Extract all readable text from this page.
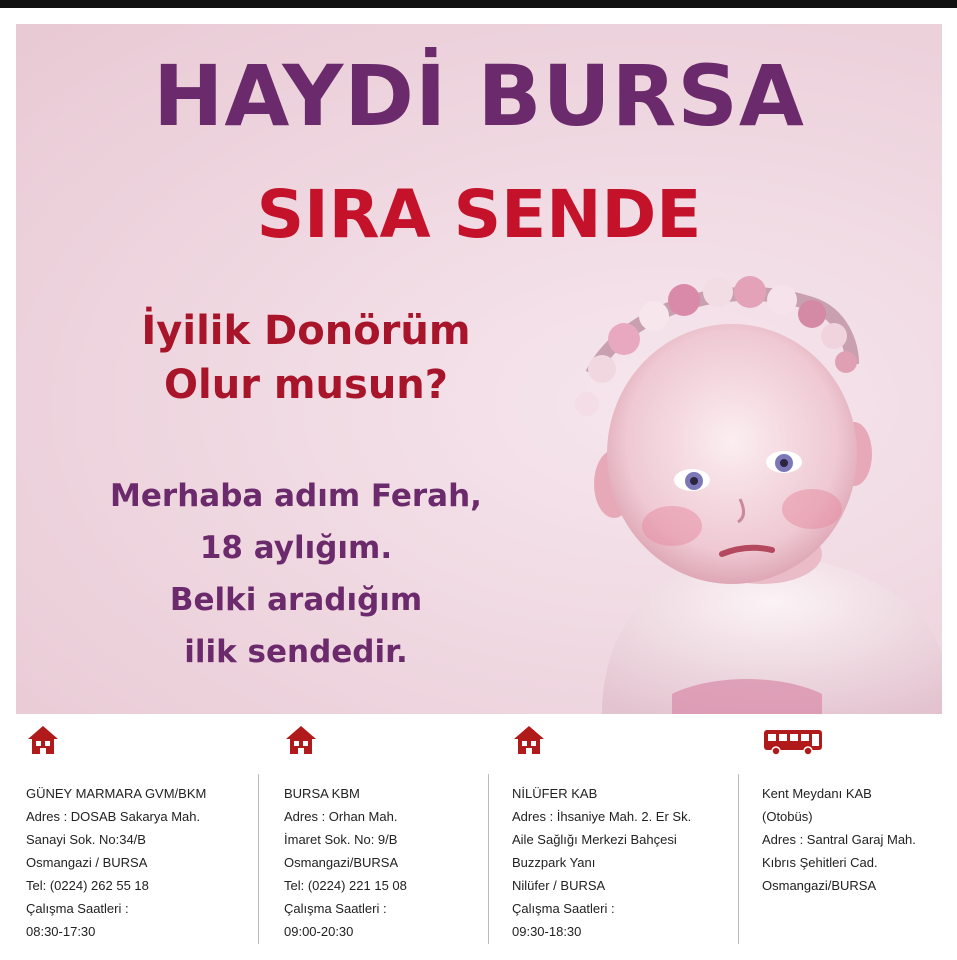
HAYDİ BURSA
SIRA SENDE
İyilik Donörüm
Olur musun?
Merhaba adım Ferah,
18 aylığım.
Belki aradığım
ilik sendedir.
GÜNEY MARMARA GVM/BKM
Adres : DOSAB Sakarya Mah.
Sanayi Sok. No:34/B
Osmangazi / BURSA
Tel: (0224) 262 55 18
Çalışma Saatleri :
08:30-17:30
BURSA KBM
Adres : Orhan Mah.
İmaret Sok. No: 9/B
Osmangazi/BURSA
Tel: (0224) 221 15 08
Çalışma Saatleri :
09:00-20:30
NİLÜFER KAB
Adres : İhsaniye Mah. 2. Er Sk.
Aile Sağlığı Merkezi Bahçesi
Buzzpark Yanı
Nilüfer / BURSA
Çalışma Saatleri :
09:30-18:30
Kent Meydanı KAB
(Otobüs)
Adres : Santral Garaj Mah.
Kıbrıs Şehitleri Cad.
Osmangazi/BURSA
